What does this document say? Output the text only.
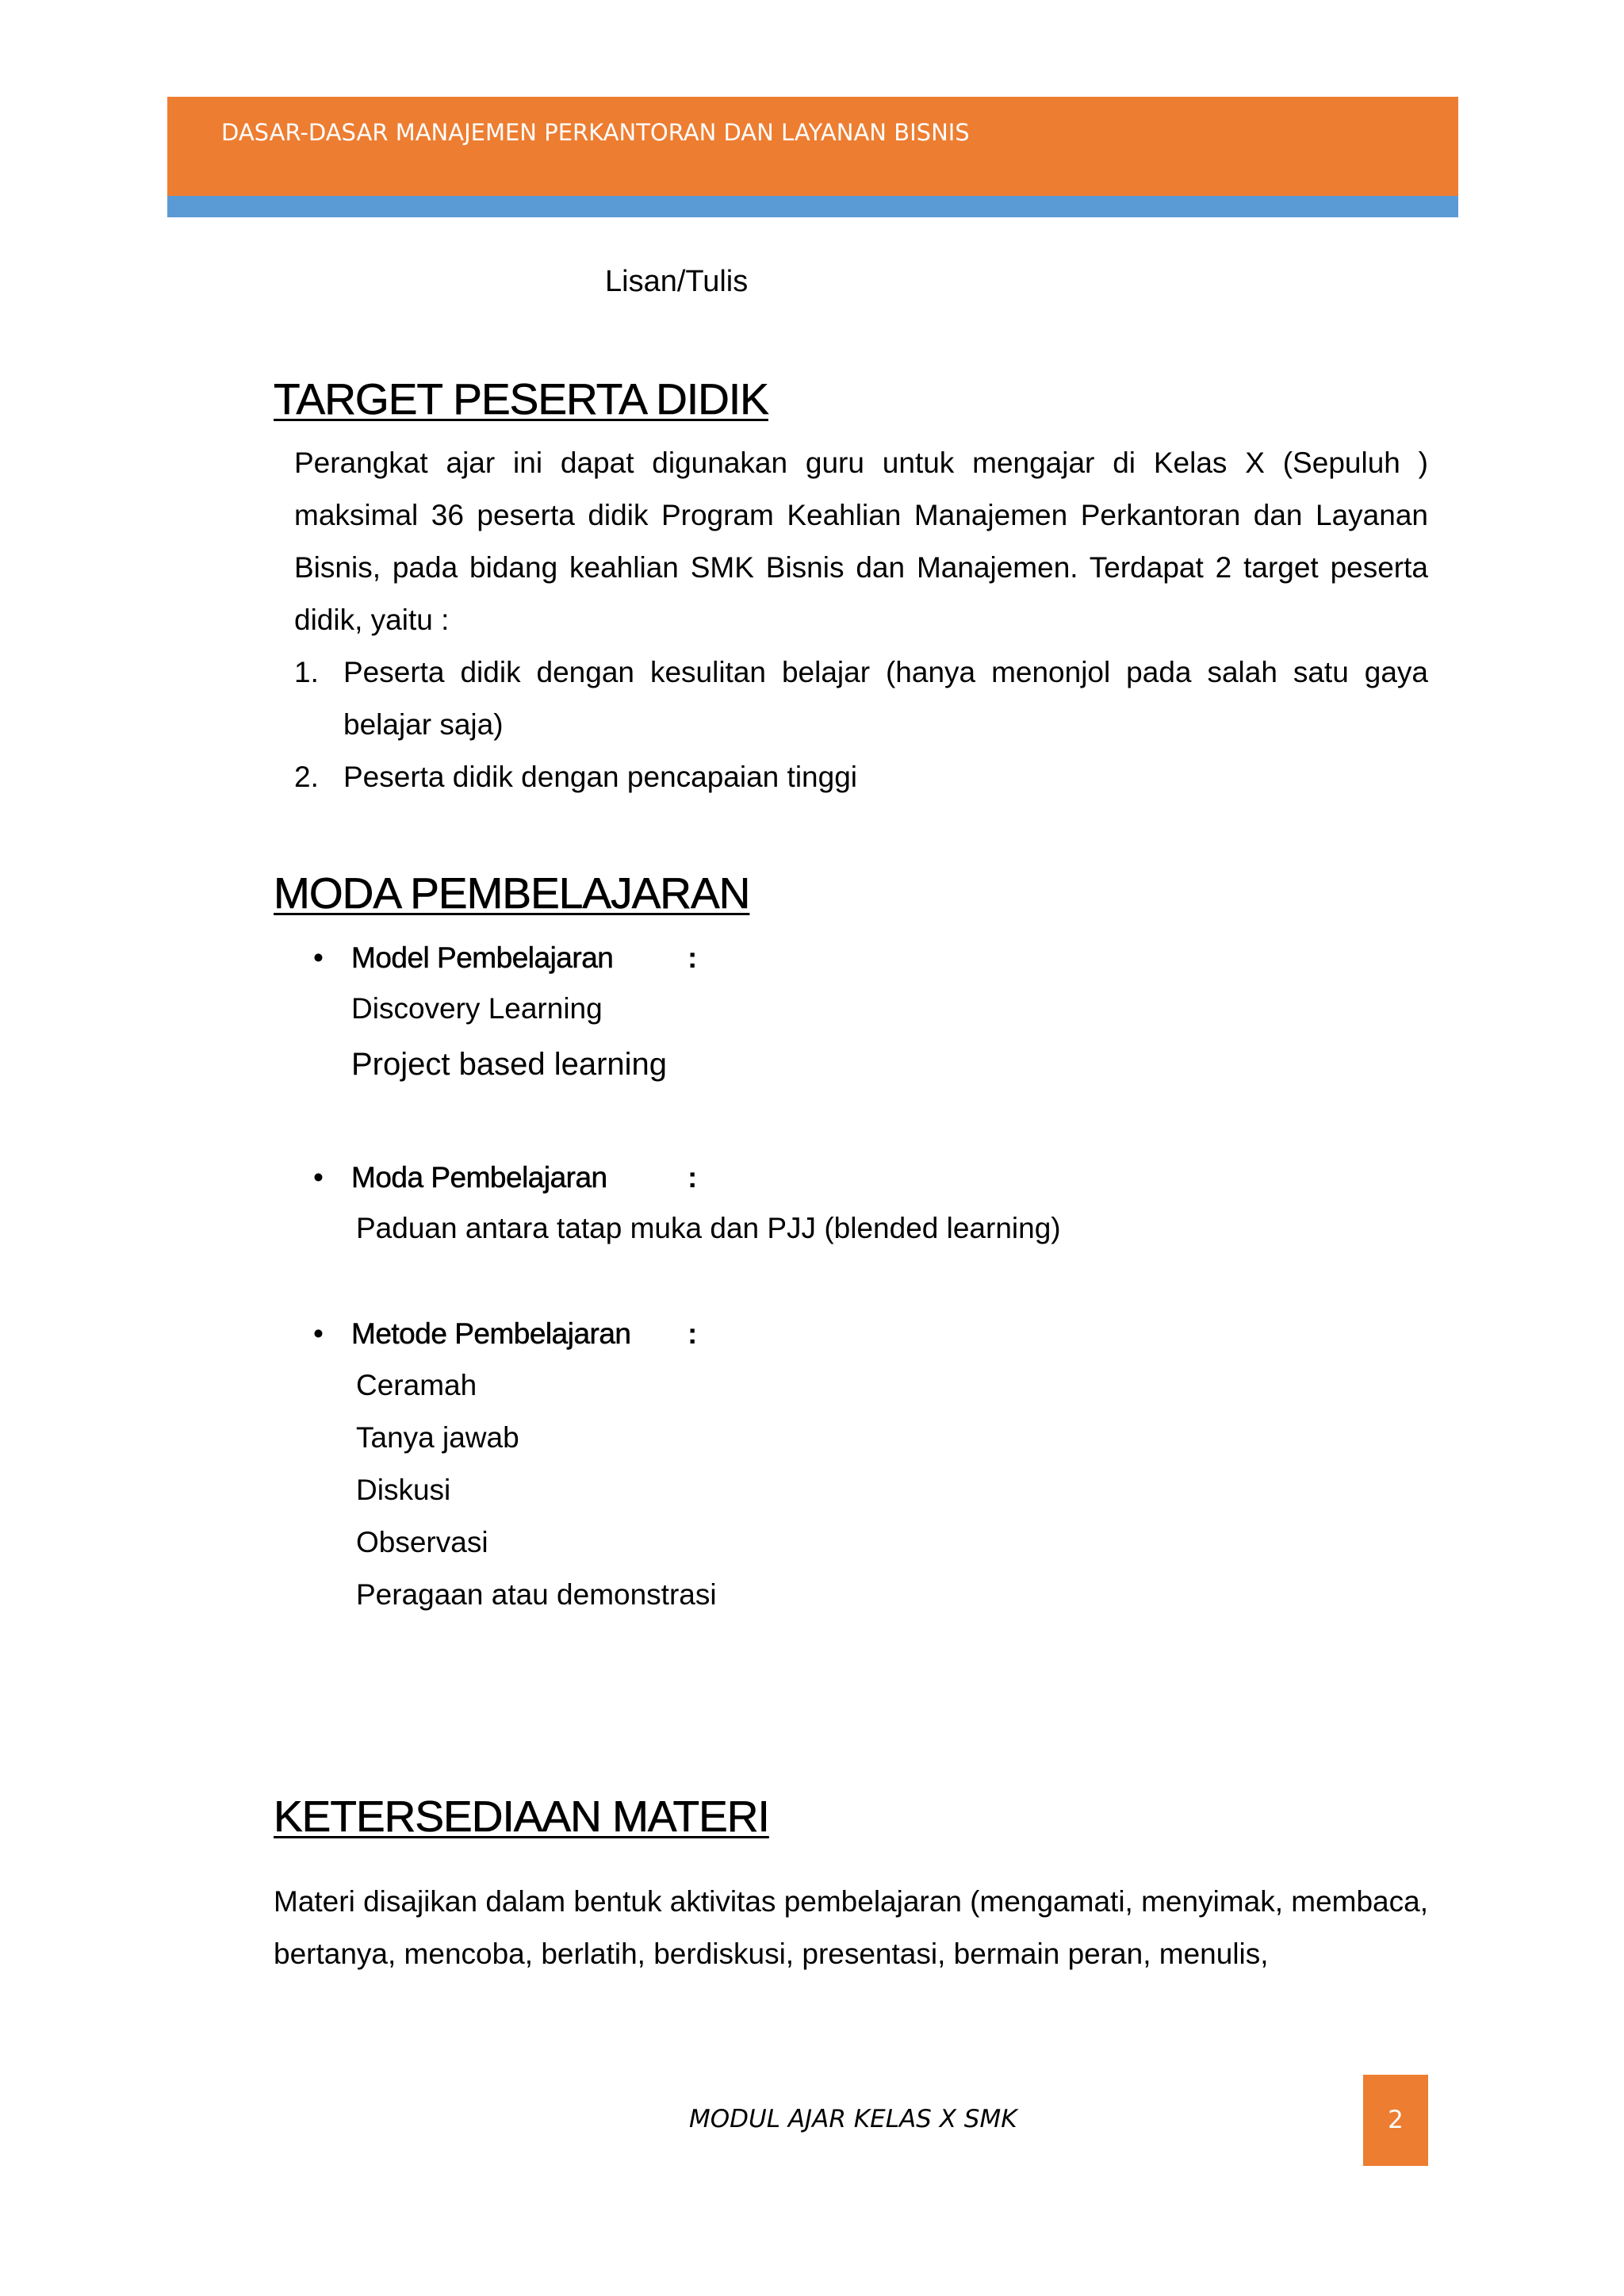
DASAR-DASAR MANAJEMEN PERKANTORAN DAN LAYANAN BISNIS
Lisan/Tulis
TARGET PESERTA DIDIK

Perangkat ajar ini dapat digunakan guru untuk mengajar di Kelas X (Sepuluh ) maksimal 36 peserta didik Program Keahlian Manajemen Perkantoran dan Layanan Bisnis, pada bidang keahlian SMK Bisnis dan Manajemen. Terdapat 2 target peserta didik, yaitu :

1. Peserta didik dengan kesulitan belajar (hanya menonjol pada salah satu gaya belajar saja)
2. Peserta didik dengan pencapaian tinggi
MODA PEMBELAJARAN
• Model Pembelajaran	:
Discovery Learning
Project based learning
• Moda Pembelajaran	:
Paduan antara tatap muka dan PJJ (blended learning)
• Metode Pembelajaran :
Ceramah
Tanya jawab
Diskusi
Observasi
Peragaan atau demonstrasi
KETERSEDIAAN MATERI

Materi disajikan dalam bentuk aktivitas pembelajaran (mengamati, menyimak, membaca, bertanya, mencoba, berlatih, berdiskusi, presentasi, bermain peran, menulis,

MODUL AJAR KELAS X SMK	2
